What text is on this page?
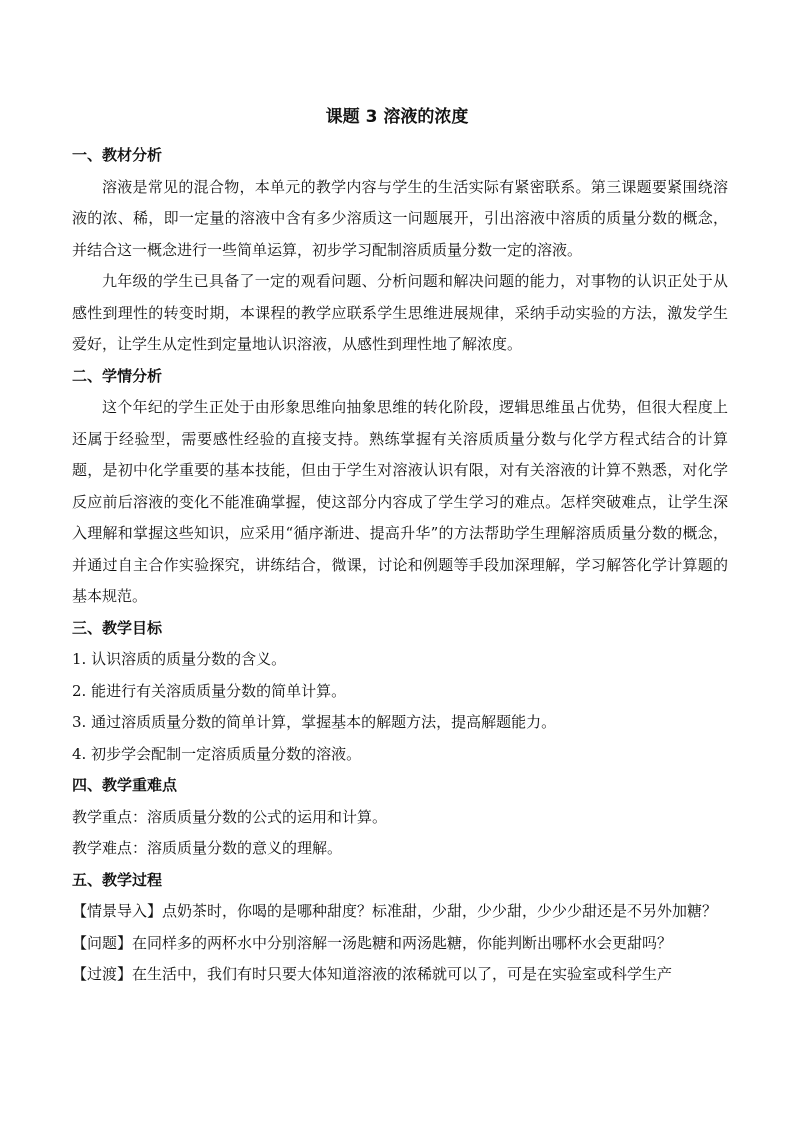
课题 3 溶液的浓度

一、教材分析

溶液是常见的混合物，本单元的教学内容与学生的生活实际有紧密联系。第三课题要紧围绕溶液的浓、稀，即一定量的溶液中含有多少溶质这一问题展开，引出溶液中溶质的质量分数的概念，并结合这一概念进行一些简单运算，初步学习配制溶质质量分数一定的溶液。

九年级的学生已具备了一定的观看问题、分析问题和解决问题的能力，对事物的认识正处于从感性到理性的转变时期，本课程的教学应联系学生思维进展规律，采纳手动实验的方法，激发学生爱好，让学生从定性到定量地认识溶液，从感性到理性地了解浓度。

二、学情分析

这个年纪的学生正处于由形象思维向抽象思维的转化阶段，逻辑思维虽占优势，但很大程度上还属于经验型，需要感性经验的直接支持。熟练掌握有关溶质质量分数与化学方程式结合的计算题，是初中化学重要的基本技能，但由于学生对溶液认识有限，对有关溶液的计算不熟悉，对化学反应前后溶液的变化不能准确掌握，使这部分内容成了学生学习的难点。怎样突破难点，让学生深入理解和掌握这些知识，应采用“循序渐进、提高升华”的方法帮助学生理解溶质质量分数的概念，并通过自主合作实验探究，讲练结合，微课，讨论和例题等手段加深理解，学习解答化学计算题的基本规范。

三、教学目标

1. 认识溶质的质量分数的含义。

2. 能进行有关溶质质量分数的简单计算。

3. 通过溶质质量分数的简单计算，掌握基本的解题方法，提高解题能力。

4. 初步学会配制一定溶质质量分数的溶液。

四、教学重难点

教学重点：溶质质量分数的公式的运用和计算。

教学难点：溶质质量分数的意义的理解。

五、教学过程

【情景导入】点奶茶时，你喝的是哪种甜度？标准甜，少甜，少少甜，少少少甜还是不另外加糖？

【问题】在同样多的两杯水中分别溶解一汤匙糖和两汤匙糖，你能判断出哪杯水会更甜吗？

【过渡】在生活中，我们有时只要大体知道溶液的浓稀就可以了，可是在实验室或科学生产
